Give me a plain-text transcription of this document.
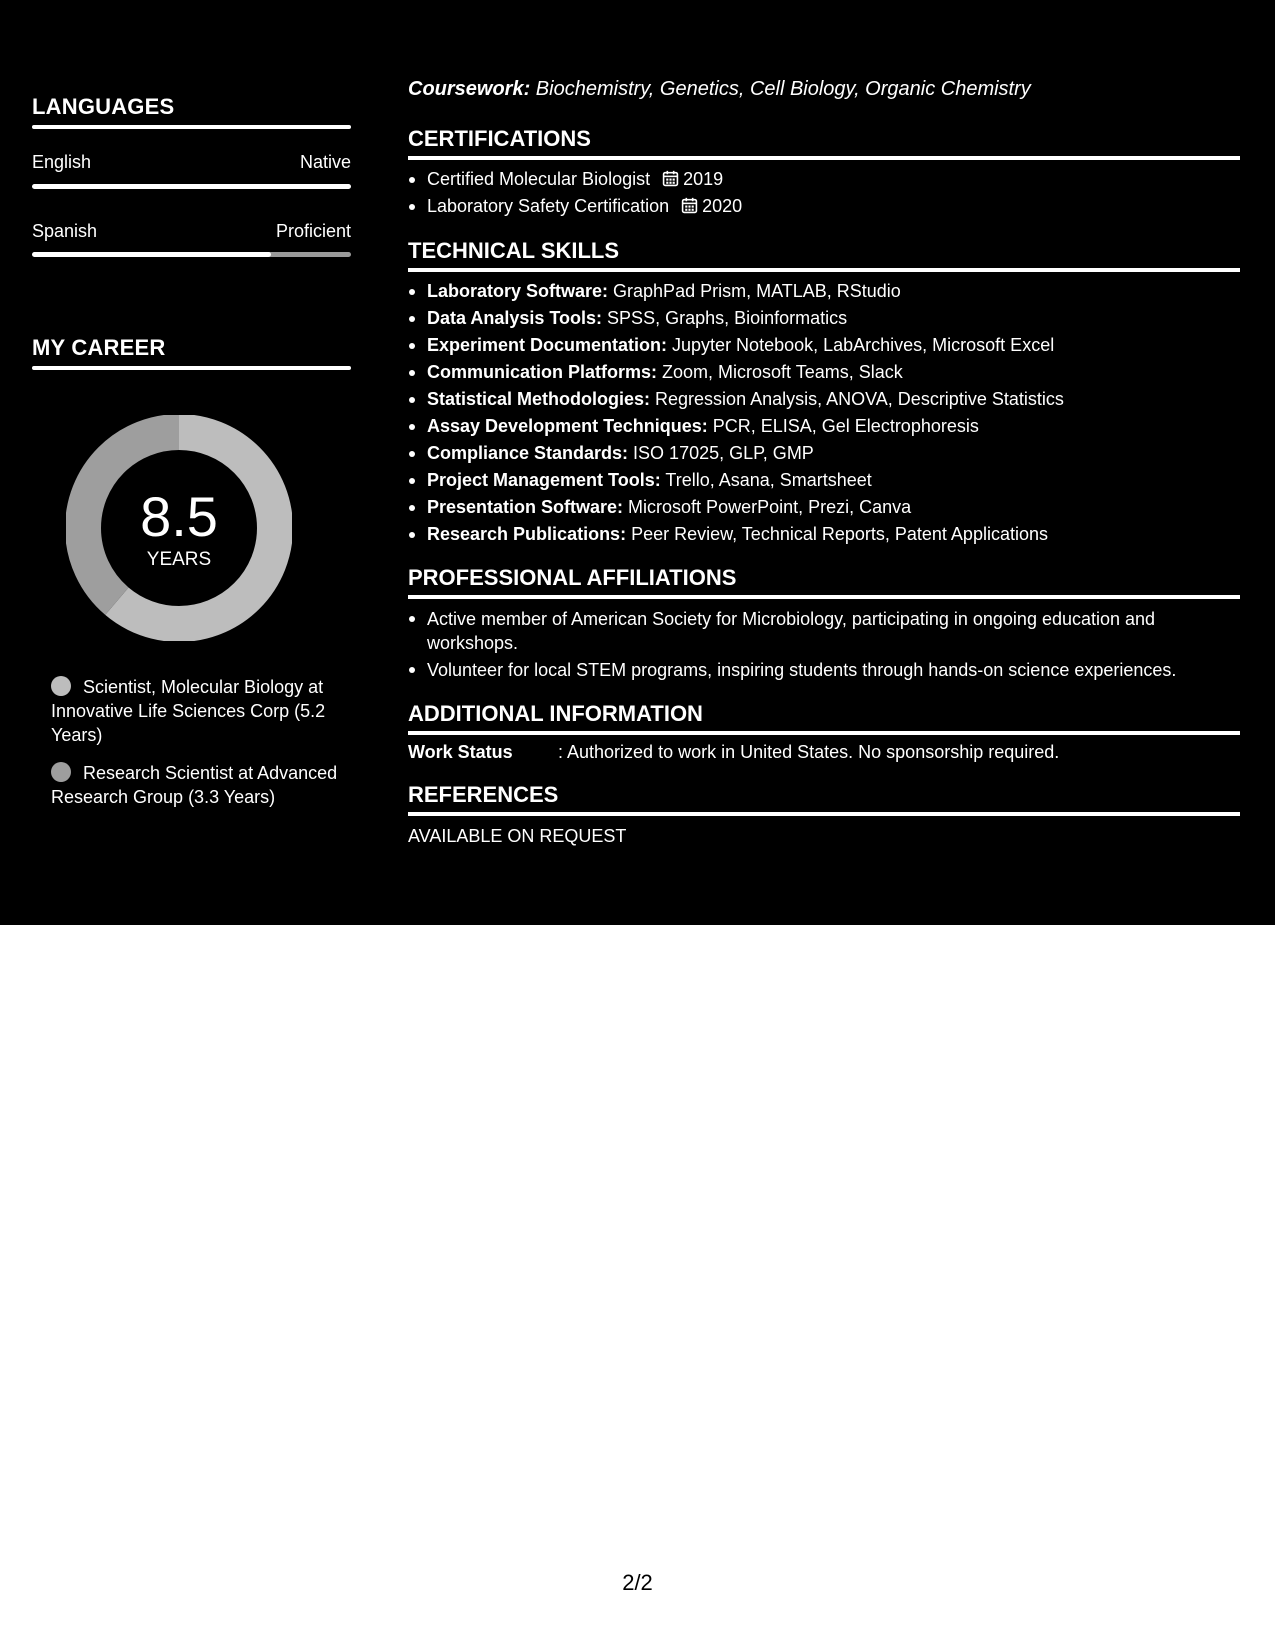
LANGUAGES
English	Native
Spanish	Proficient
MY CAREER
8.5
YEARS
Scientist, Molecular Biology at Innovative Life Sciences Corp (5.2 Years)
Research Scientist at Advanced Research Group (3.3 Years)
Coursework: Biochemistry, Genetics, Cell Biology, Organic Chemistry
CERTIFICATIONS
Certified Molecular Biologist 2019
Laboratory Safety Certification 2020
TECHNICAL SKILLS
Laboratory Software: GraphPad Prism, MATLAB, RStudio
Data Analysis Tools: SPSS, Graphs, Bioinformatics
Experiment Documentation: Jupyter Notebook, LabArchives, Microsoft Excel
Communication Platforms: Zoom, Microsoft Teams, Slack
Statistical Methodologies: Regression Analysis, ANOVA, Descriptive Statistics
Assay Development Techniques: PCR, ELISA, Gel Electrophoresis
Compliance Standards: ISO 17025, GLP, GMP
Project Management Tools: Trello, Asana, Smartsheet
Presentation Software: Microsoft PowerPoint, Prezi, Canva
Research Publications: Peer Review, Technical Reports, Patent Applications
PROFESSIONAL AFFILIATIONS
Active member of American Society for Microbiology, participating in ongoing education and workshops.
Volunteer for local STEM programs, inspiring students through hands-on science experiences.
ADDITIONAL INFORMATION
Work Status	: Authorized to work in United States. No sponsorship required.
REFERENCES
AVAILABLE ON REQUEST
2/2
